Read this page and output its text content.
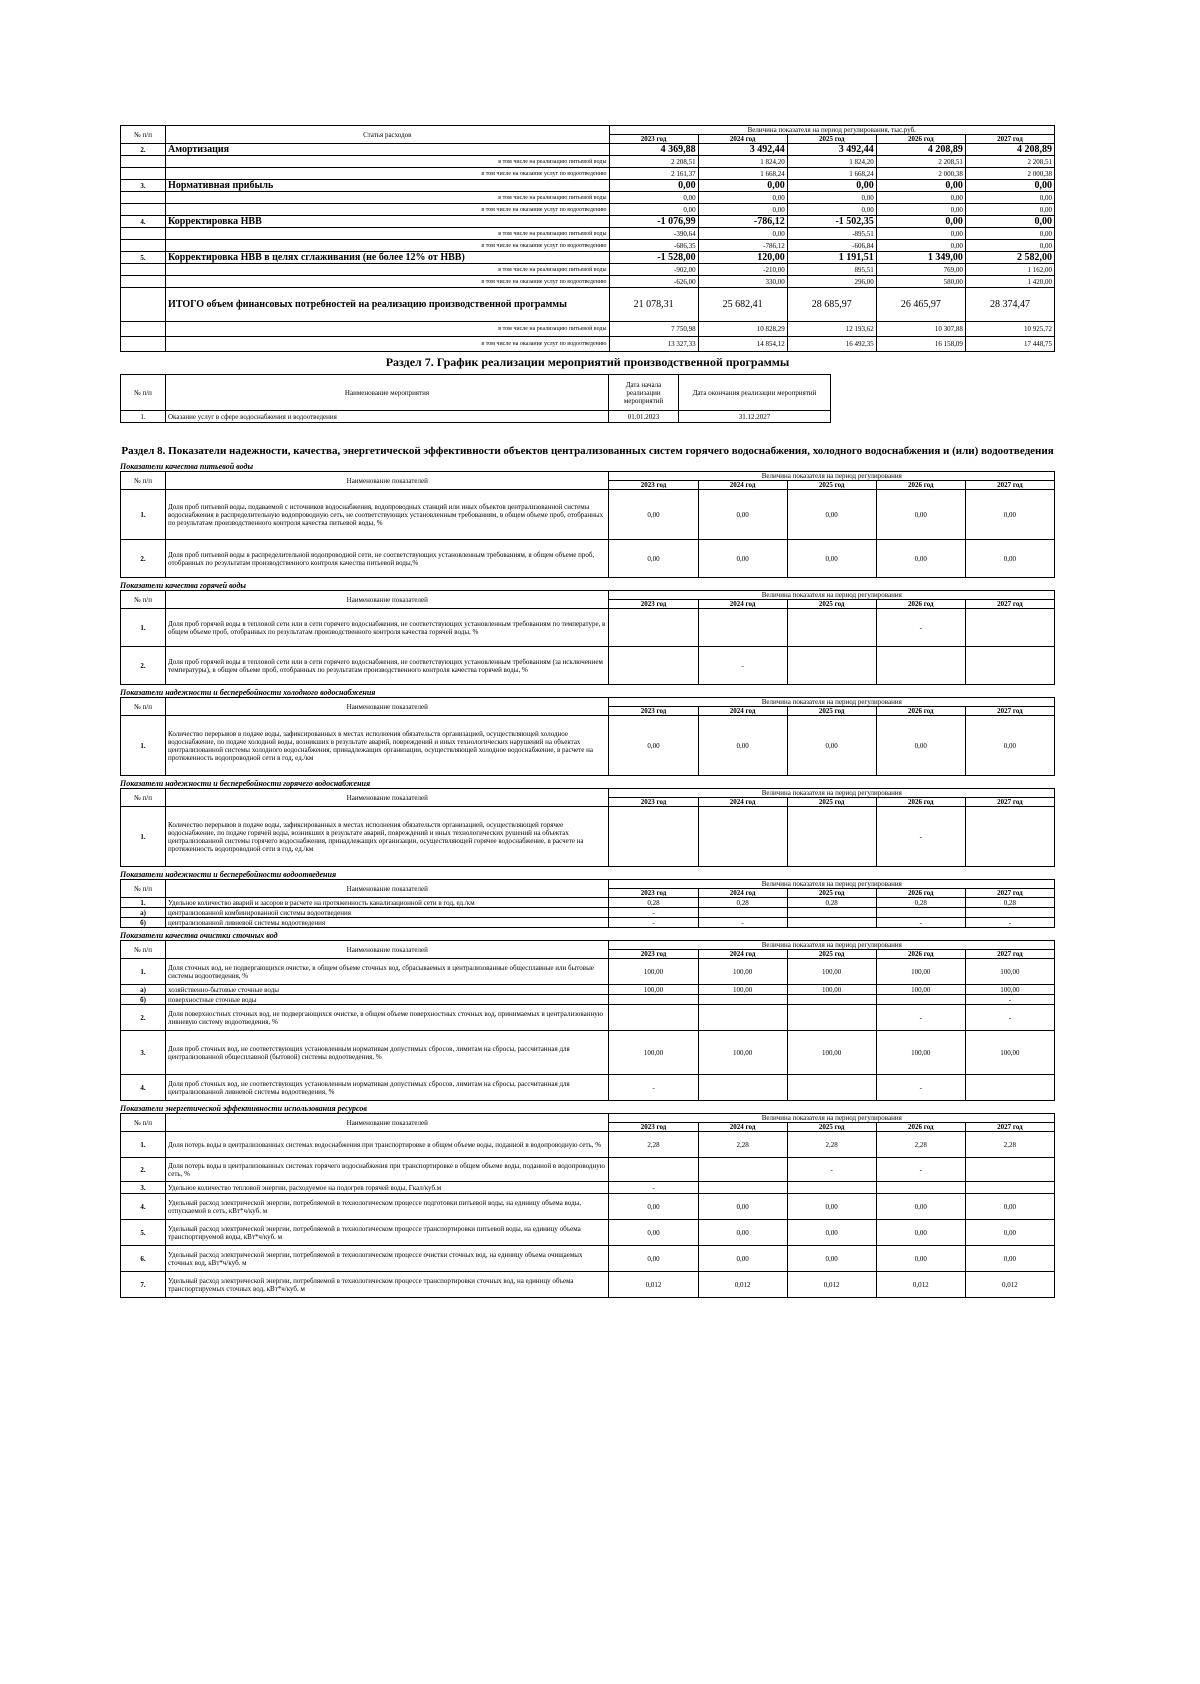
№ п/п	Статья расходов	Величина показателя на период регулирования, тыс.руб.				
		2023 год	2024 год	2025 год	2026 год	2027 год
2.	Амортизация	4 369,88	3 492,44	3 492,44	4 208,89	4 208,89
	в том числе на реализацию питьевой воды	2 208,51	1 824,20	1 824,20	2 208,51	2 208,51
	в том числе на оказание услуг по водоотведению	2 161,37	1 668,24	1 668,24	2 000,38	2 000,38
3.	Нормативная прибыль	0,00	0,00	0,00	0,00	0,00
	в том числе на реализацию питьевой воды	0,00	0,00	0,00	0,00	0,00
	в том числе на оказание услуг по водоотведению	0,00	0,00	0,00	0,00	0,00
4.	Корректировка НВВ	-1 076,99	-786,12	-1 502,35	0,00	0,00
	в том числе на реализацию питьевой воды	-390,64	0,00	-895,51	0,00	0,00
	в том числе на оказание услуг по водоотведению	-686,35	-786,12	-606,84	0,00	0,00
5.	Корректировка НВВ в целях сглаживания (не более 12% от НВВ)	-1 528,00	120,00	1 191,51	1 349,00	2 582,00
	в том числе на реализацию питьевой воды	-902,00	-210,00	895,51	769,00	1 162,00
	в том числе на оказание услуг по водоотведению	-626,00	330,00	296,00	580,00	1 420,00
	ИТОГО объем финансовых потребностей на реализацию производственной программы	21 078,31	25 682,41	28 685,97	26 465,97	28 374,47
	в том числе на реализацию питьевой воды	7 750,98	10 828,29	12 193,62	10 307,88	10 925,72
	в том числе на оказание услуг по водоотведению	13 327,33	14 854,12	16 492,35	16 158,09	17 448,75
Раздел 7. График реализации мероприятий производственной программы
№ п/п	Наименование мероприятия	Дата начала реализации мероприятий	Дата окончания реализации мероприятий
1.	Оказание услуг в сфере водоснабжения и водоотведения	01.01.2023	31.12.2027
Раздел 8. Показатели надежности, качества, энергетической эффективности объектов централизованных систем горячего водоснабжения, холодного водоснабжения и (или) водоотведения
Показатели качества питьевой воды
№ п/п	Наименование показателей	Величина показателя на период регулирования				
		2023 год	2024 год	2025 год	2026 год	2027 год
1.	Доля проб питьевой воды, подаваемой с источников водоснабжения, водопроводных станций или иных объектов централизованной системы водоснабжения в распределительную водопроводную сеть, не соответствующих установленным требованиям, в общем объеме проб, отобранных по результатам производственного контроля качества питьевой воды, %	0,00	0,00	0,00	0,00	0,00
2.	Доля проб питьевой воды в распределительной водопроводной сети, не соответствующих установленным требованиям, в общем объеме проб, отобранных по результатам производственного контроля качества питьевой воды,%	0,00	0,00	0,00	0,00	0,00
Показатели качества горячей воды
№ п/п	Наименование показателей	Величина показателя на период регулирования				
		2023 год	2024 год	2025 год	2026 год	2027 год
1.	Доля проб горячей воды в тепловой сети или в сети горячего водоснабжения, не соответствующих установленным требованиям по температуре, в общем объеме проб, отобранных по результатам производственного контроля качества горячей воды, %				-	
2.	Доля проб горячей воды в тепловой сети или в сети горячего водоснабжения, не соответствующих установленным требованиям (за исключением температуры), в общем объеме проб, отобранных по результатам производственного контроля качества горячей воды, %		-			
Показатели надежности и бесперебойности холодного водоснабжения
№ п/п	Наименование показателей	Величина показателя на период регулирования				
		2023 год	2024 год	2025 год	2026 год	2027 год
1.	Количество перерывов в подаче воды, зафиксированных в местах исполнения обязательств организацией, осуществляющей холодное водоснабжение, по подаче холодной воды, возникших в результате аварий, повреждений и иных технологических нарушений на объектах централизованной системы холодного водоснабжения, принадлежащих организации, осуществляющей холодное водоснабжение, в расчете на протяженность водопроводной сети в год, ед./км	0,00	0,00	0,00	0,00	0,00
Показатели надежности и бесперебойности горячего водоснабжения
№ п/п	Наименование показателей	Величина показателя на период регулирования				
		2023 год	2024 год	2025 год	2026 год	2027 год
1.	Количество перерывов в подаче воды, зафиксированных в местах исполнения обязательств организацией, осуществляющей горячее водоснабжение, по подаче горячей воды, возникших в результате аварий, повреждений и иных технологических рушений на объектах централизованной системы горячего водоснабжения, принадлежащих организации, осуществляющей горячее водоснабжение, в расчете на протяженность водопроводной сети в год, ед./км				-	
Показатели надежности и бесперебойности водоотведения
№ п/п	Наименование показателей	Величина показателя на период регулирования				
		2023 год	2024 год	2025 год	2026 год	2027 год
1.	Удельное количество аварий и засоров в расчете на протяженность канализационной сети в год, ед./км	0,28	0,28	0,28	0,28	0,28
а)	централизованной комбинированной системы водоотведения	-				
б)	централизованной ливневой системы водоотведения	-	-		-	-
Показатели качества очистки сточных вод
№ п/п	Наименование показателей	Величина показателя на период регулирования				
		2023 год	2024 год	2025 год	2026 год	2027 год
1.	Доля сточных вод, не подвергающихся очистке, в общем объеме сточных вод, сбрасываемых в централизованные общесплавные или бытовые системы водоотведения, %	100,00	100,00	100,00	100,00	100,00
а)	хозяйственно-бытовые сточные воды	100,00	100,00	100,00	100,00	100,00
б)	поверхностные сточные воды					-
2.	Доля поверхностных сточных вод, не подвергающихся очистке, в общем объеме поверхностных сточных вод, принимаемых в централизованную ливневую систему водоотведения, %				-	-
3.	Доля проб сточных вод, не соответствующих установленным нормативам допустимых сбросов, лимитам на сбросы, рассчитанная для централизованной общесплавной (бытовой) системы водоотведения, %	100,00	100,00	100,00	100,00	100,00
4.	Доля проб сточных вод, не соответствующих установленным нормативам допустимых сбросов, лимитам на сбросы, рассчитанная для централизованной ливневой системы водоотведения, %	-			-	
Показатели энергетической эффективности использования ресурсов
№ п/п	Наименование показателей	Величина показателя на период регулирования				
		2023 год	2024 год	2025 год	2026 год	2027 год
1.	Доля потерь воды в централизованных системах водоснабжения при транспортировке в общем объеме воды, поданной в водопроводную сеть, %	2,28	2,28	2,28	2,28	2,28
2.	Доля потерь воды в централизованных системах горячего водоснабжения при транспортировке в общем объеме воды, поданной в водопроводную сеть, %			-	-	
3.	Удельное количество тепловой энергии, расходуемое на подогрев горячей воды, Гкал/куб.м	-				
4.	Удельный расход электрической энергии, потребляемой в технологическом процессе подготовки питьевой воды, на единицу объема воды, отпускаемой в сеть, кВт*ч/куб. м	0,00	0,00	0,00	0,00	0,00
5.	Удельный расход электрической энергии, потребляемой в технологическом процессе транспортировки питьевой воды, на единицу объема транспортируемой воды, кВт*ч/куб. м	0,00	0,00	0,00	0,00	0,00
6.	Удельный расход электрической энергии, потребляемой в технологическом процессе очистки сточных вод, на единицу объема очищаемых сточных вод, кВт*ч/куб. м	0,00	0,00	0,00	0,00	0,00
7.	Удельный расход электрической энергии, потребляемой в технологическом процессе транспортировки сточных вод, на единицу объема транспортируемых сточных вод, кВт*ч/куб. м	0,012	0,012	0,012	0,012	0,012
